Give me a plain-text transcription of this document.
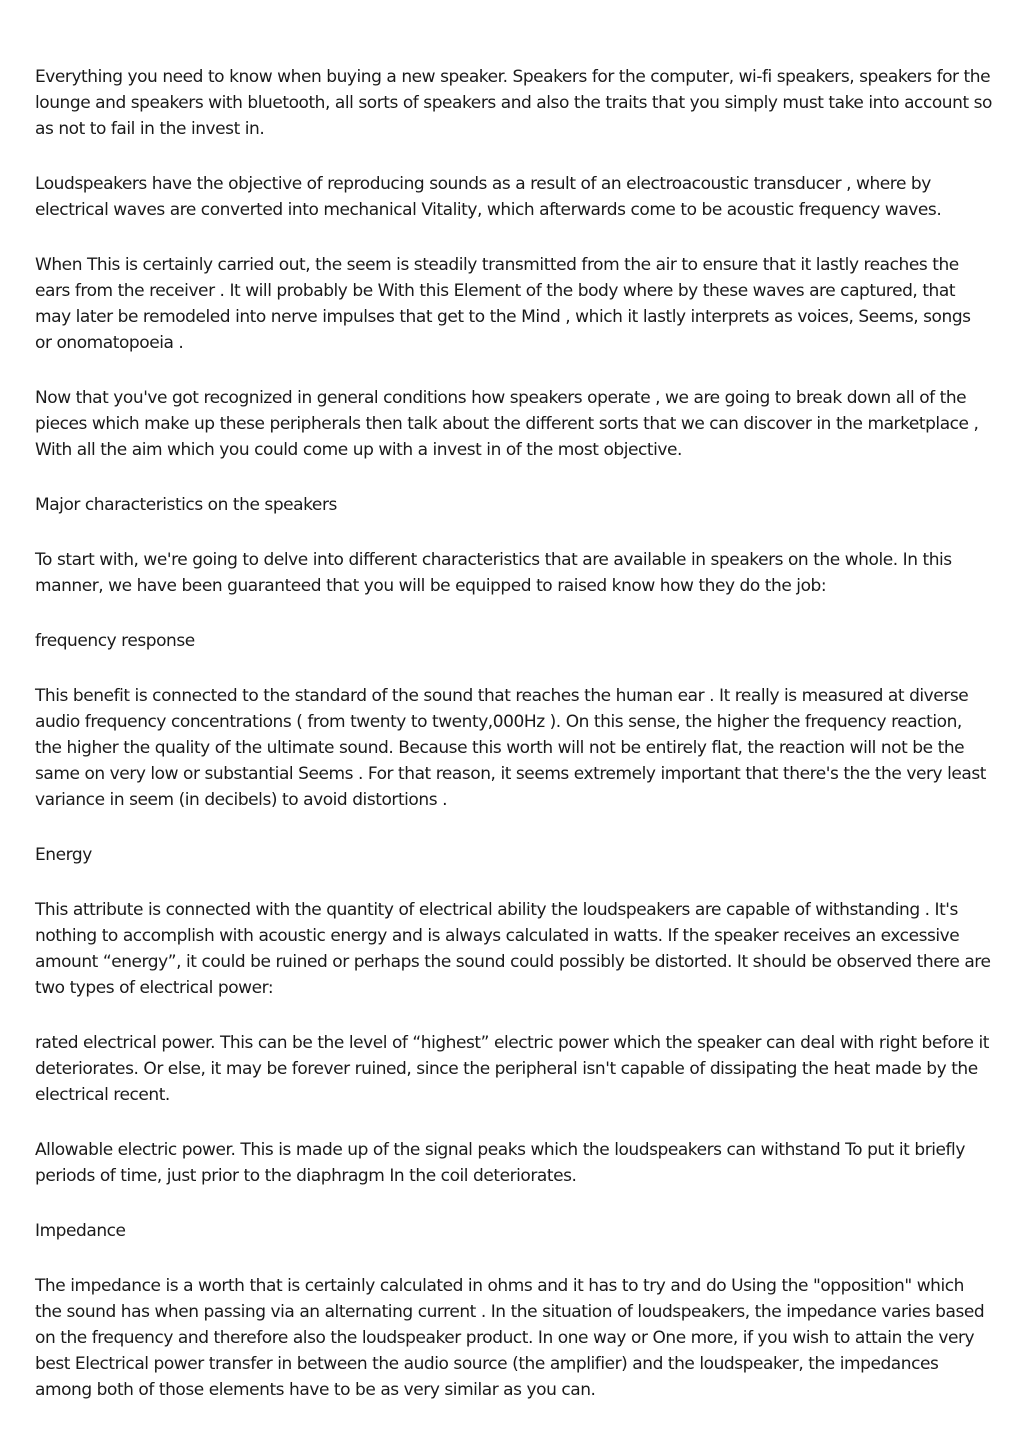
Everything you need to know when buying a new speaker. Speakers for the computer, wi-fi speakers, speakers for the lounge and speakers with bluetooth, all sorts of speakers and also the traits that you simply must take into account so as not to fail in the invest in.

Loudspeakers have the objective of reproducing sounds as a result of an electroacoustic transducer , where by electrical waves are converted into mechanical Vitality, which afterwards come to be acoustic frequency waves.

When This is certainly carried out, the seem is steadily transmitted from the air to ensure that it lastly reaches the ears from the receiver . It will probably be With this Element of the body where by these waves are captured, that may later be remodeled into nerve impulses that get to the Mind , which it lastly interprets as voices, Seems, songs or onomatopoeia .

Now that you've got recognized in general conditions how speakers operate , we are going to break down all of the pieces which make up these peripherals then talk about the different sorts that we can discover in the marketplace , With all the aim which you could come up with a invest in of the most objective.

Major characteristics on the speakers

To start with, we're going to delve into different characteristics that are available in speakers on the whole. In this manner, we have been guaranteed that you will be equipped to raised know how they do the job:

frequency response

This benefit is connected to the standard of the sound that reaches the human ear . It really is measured at diverse audio frequency concentrations ( from twenty to twenty,000Hz ). On this sense, the higher the frequency reaction, the higher the quality of the ultimate sound. Because this worth will not be entirely flat, the reaction will not be the same on very low or substantial Seems . For that reason, it seems extremely important that there's the the very least variance in seem (in decibels) to avoid distortions .

Energy

This attribute is connected with the quantity of electrical ability the loudspeakers are capable of withstanding . It's nothing to accomplish with acoustic energy and is always calculated in watts. If the speaker receives an excessive amount “energy”, it could be ruined or perhaps the sound could possibly be distorted. It should be observed there are two types of electrical power:

rated electrical power. This can be the level of “highest” electric power which the speaker can deal with right before it deteriorates. Or else, it may be forever ruined, since the peripheral isn't capable of dissipating the heat made by the electrical recent.

Allowable electric power. This is made up of the signal peaks which the loudspeakers can withstand To put it briefly periods of time, just prior to the diaphragm In the coil deteriorates.

Impedance

The impedance is a worth that is certainly calculated in ohms and it has to try and do Using the "opposition" which the sound has when passing via an alternating current . In the situation of loudspeakers, the impedance varies based on the frequency and therefore also the loudspeaker product. In one way or One more, if you wish to attain the very best Electrical power transfer in between the audio source (the amplifier) and the loudspeaker, the impedances among both of those elements have to be as very similar as you can.
